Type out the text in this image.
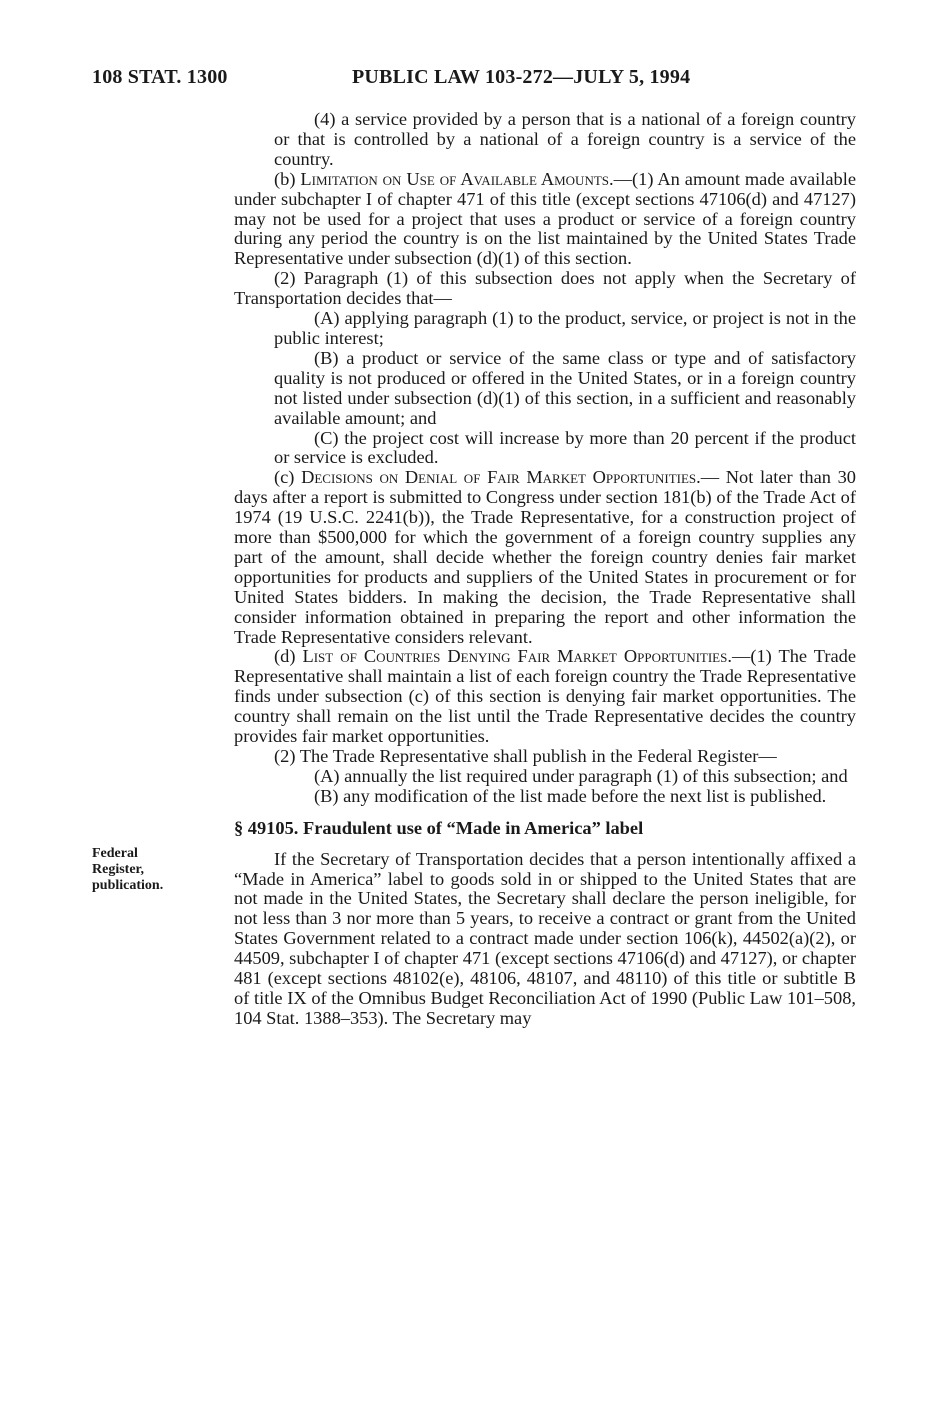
108 STAT. 1300	PUBLIC LAW 103-272—JULY 5, 1994
Federal
Register,
publication.

(4) a service provided by a person that is a national of a foreign country or that is controlled by a national of a foreign country is a service of the country.

(b) Limitation on Use of Available Amounts.—(1) An amount made available under subchapter I of chapter 471 of this title (except sections 47106(d) and 47127) may not be used for a project that uses a product or service of a foreign country during any period the country is on the list maintained by the United States Trade Representative under subsection (d)(1) of this section.

(2) Paragraph (1) of this subsection does not apply when the Secretary of Transportation decides that—

(A) applying paragraph (1) to the product, service, or project is not in the public interest;

(B) a product or service of the same class or type and of satisfactory quality is not produced or offered in the United States, or in a foreign country not listed under subsection (d)(1) of this section, in a sufficient and reasonably available amount; and

(C) the project cost will increase by more than 20 percent if the product or service is excluded.

(c) Decisions on Denial of Fair Market Opportunities.— Not later than 30 days after a report is submitted to Congress under section 181(b) of the Trade Act of 1974 (19 U.S.C. 2241(b)), the Trade Representative, for a construction project of more than $500,000 for which the government of a foreign country supplies any part of the amount, shall decide whether the foreign country denies fair market opportunities for products and suppliers of the United States in procurement or for United States bidders. In making the decision, the Trade Representative shall consider information obtained in preparing the report and other information the Trade Representative considers relevant.

(d) List of Countries Denying Fair Market Opportunities.—(1) The Trade Representative shall maintain a list of each foreign country the Trade Representative finds under subsection (c) of this section is denying fair market opportunities. The country shall remain on the list until the Trade Representative decides the country provides fair market opportunities.

(2) The Trade Representative shall publish in the Federal Register—

(A) annually the list required under paragraph (1) of this subsection; and

(B) any modification of the list made before the next list is published.

§ 49105. Fraudulent use of “Made in America” label

If the Secretary of Transportation decides that a person intentionally affixed a “Made in America” label to goods sold in or shipped to the United States that are not made in the United States, the Secretary shall declare the person ineligible, for not less than 3 nor more than 5 years, to receive a contract or grant from the United States Government related to a contract made under section 106(k), 44502(a)(2), or 44509, subchapter I of chapter 471 (except sections 47106(d) and 47127), or chapter 481 (except sections 48102(e), 48106, 48107, and 48110) of this title or subtitle B of title IX of the Omnibus Budget Reconciliation Act of 1990 (Public Law 101–508, 104 Stat. 1388–353). The Secretary may
